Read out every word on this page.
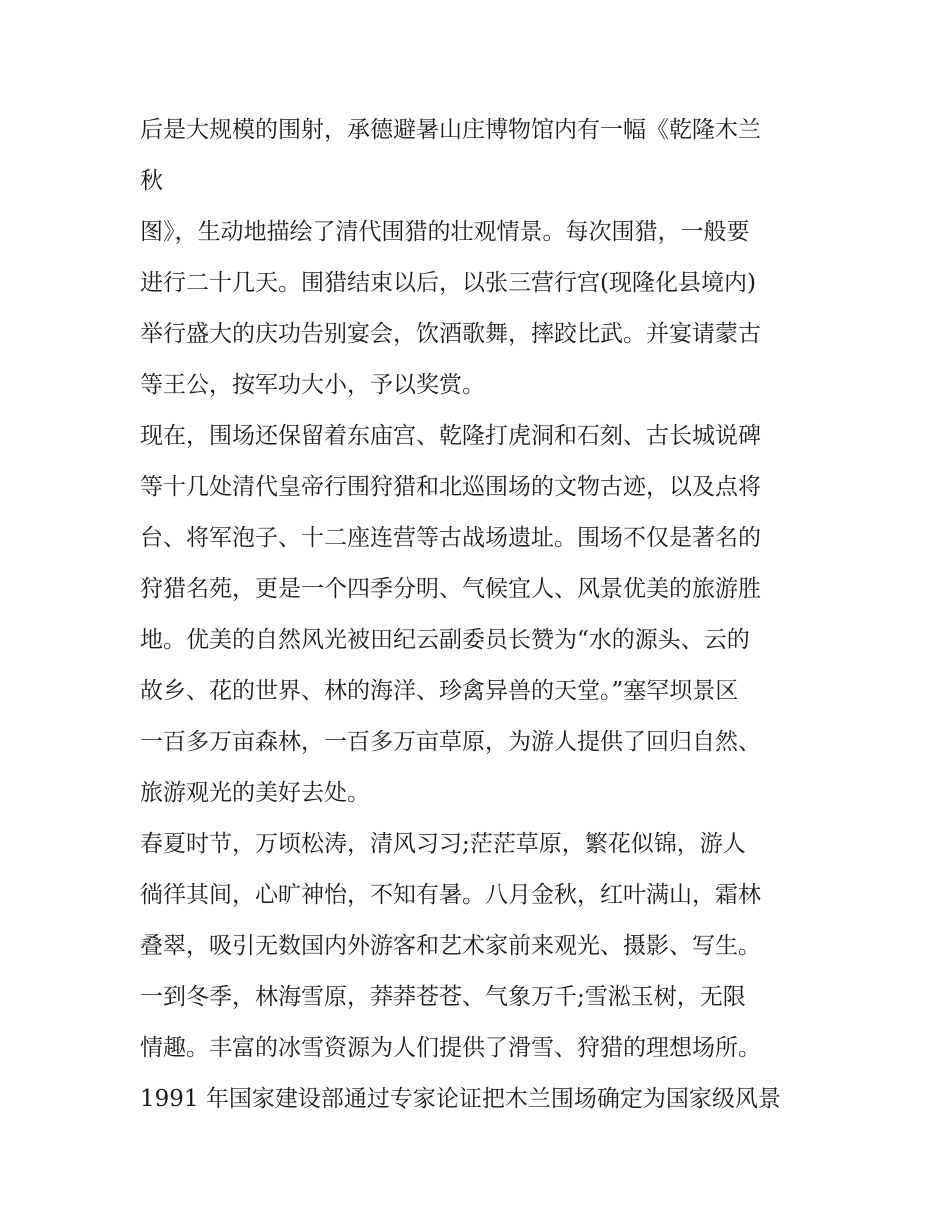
后是大规模的围射，承德避暑山庄博物馆内有一幅《乾隆木兰
秋
图》，生动地描绘了清代围猎的壮观情景。每次围猎，一般要
进行二十几天。围猎结束以后，以张三营行宫(现隆化县境内)
举行盛大的庆功告别宴会，饮酒歌舞，摔跤比武。并宴请蒙古
等王公，按军功大小，予以奖赏。
现在，围场还保留着东庙宫、乾隆打虎洞和石刻、古长城说碑
等十几处清代皇帝行围狩猎和北巡围场的文物古迹，以及点将
台、将军泡子、十二座连营等古战场遗址。围场不仅是著名的
狩猎名苑，更是一个四季分明、气候宜人、风景优美的旅游胜
地。优美的自然风光被田纪云副委员长赞为“水的源头、云的
故乡、花的世界、林的海洋、珍禽异兽的天堂。”塞罕坝景区
一百多万亩森林，一百多万亩草原，为游人提供了回归自然、
旅游观光的美好去处。
春夏时节，万顷松涛，清风习习;茫茫草原，繁花似锦，游人
徜徉其间，心旷神怡，不知有暑。八月金秋，红叶满山，霜林
叠翠，吸引无数国内外游客和艺术家前来观光、摄影、写生。
一到冬季，林海雪原，莽莽苍苍、气象万千;雪淞玉树，无限
情趣。丰富的冰雪资源为人们提供了滑雪、狩猎的理想场所。
1991 年国家建设部通过专家论证把木兰围场确定为国家级风景
